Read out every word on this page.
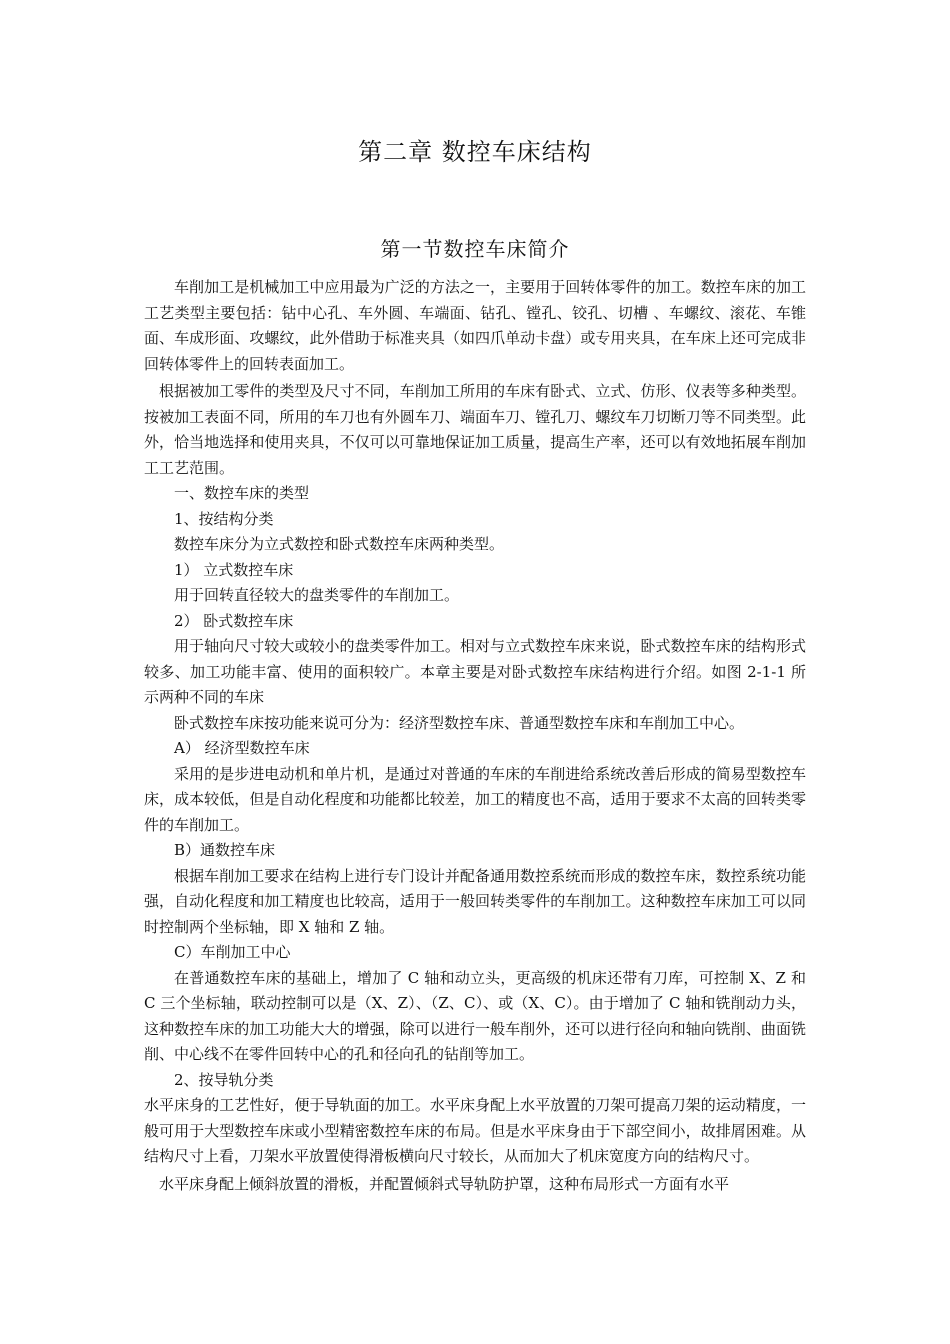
第二章 数控车床结构
第一节数控车床简介

车削加工是机械加工中应用最为广泛的方法之一，主要用于回转体零件的加工。数控车床的加工工艺类型主要包括：钻中心孔、车外圆、车端面、钻孔、镗孔、铰孔、切槽 、车螺纹、滚花、车锥面、车成形面、攻螺纹，此外借助于标准夹具（如四爪单动卡盘）或专用夹具，在车床上还可完成非回转体零件上的回转表面加工。

根据被加工零件的类型及尺寸不同，车削加工所用的车床有卧式、立式、仿形、仪表等多种类型。按被加工表面不同，所用的车刀也有外圆车刀、端面车刀、镗孔刀、螺纹车刀切断刀等不同类型。此外，恰当地选择和使用夹具，不仅可以可靠地保证加工质量，提高生产率，还可以有效地拓展车削加工工艺范围。

一、数控车床的类型

1、按结构分类

数控车床分为立式数控和卧式数控车床两种类型。

1） 立式数控车床

用于回转直径较大的盘类零件的车削加工。

2） 卧式数控车床

用于轴向尺寸较大或较小的盘类零件加工。相对与立式数控车床来说，卧式数控车床的结构形式较多、加工功能丰富、使用的面积较广。本章主要是对卧式数控车床结构进行介绍。如图 2-1-1 所示两种不同的车床

卧式数控车床按功能来说可分为：经济型数控车床、普通型数控车床和车削加工中心。

A） 经济型数控车床

采用的是步进电动机和单片机，是通过对普通的车床的车削进给系统改善后形成的简易型数控车床，成本较低，但是自动化程度和功能都比较差，加工的精度也不高，适用于要求不太高的回转类零件的车削加工。

B）通数控车床

根据车削加工要求在结构上进行专门设计并配备通用数控系统而形成的数控车床，数控系统功能强，自动化程度和加工精度也比较高，适用于一般回转类零件的车削加工。这种数控车床加工可以同时控制两个坐标轴，即 X 轴和 Z 轴。

C）车削加工中心

在普通数控车床的基础上，增加了 C 轴和动立头，更高级的机床还带有刀库，可控制 X、Z 和 C 三个坐标轴，联动控制可以是（X、Z）、（Z、C）、或（X、C）。由于增加了 C 轴和铣削动力头，这种数控车床的加工功能大大的增强，除可以进行一般车削外，还可以进行径向和轴向铣削、曲面铣削、中心线不在零件回转中心的孔和径向孔的钻削等加工。

2、按导轨分类

水平床身的工艺性好，便于导轨面的加工。水平床身配上水平放置的刀架可提高刀架的运动精度，一般可用于大型数控车床或小型精密数控车床的布局。但是水平床身由于下部空间小，故排屑困难。从结构尺寸上看，刀架水平放置使得滑板横向尺寸较长，从而加大了机床宽度方向的结构尺寸。

水平床身配上倾斜放置的滑板，并配置倾斜式导轨防护罩，这种布局形式一方面有水平
